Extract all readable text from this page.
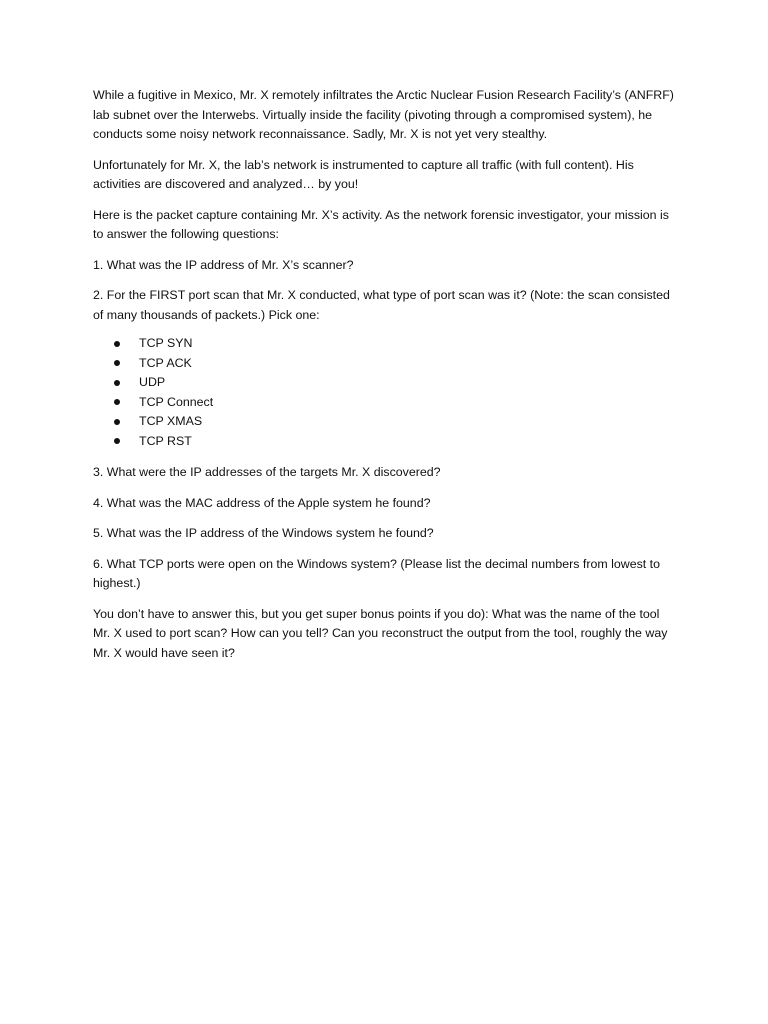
While a fugitive in Mexico, Mr. X remotely infiltrates the Arctic Nuclear Fusion Research Facility’s (ANFRF) lab subnet over the Interwebs. Virtually inside the facility (pivoting through a compromised system), he conducts some noisy network reconnaissance. Sadly, Mr. X is not yet very stealthy.

Unfortunately for Mr. X, the lab’s network is instrumented to capture all traffic (with full content). His activities are discovered and analyzed… by you!

Here is the packet capture containing Mr. X’s activity. As the network forensic investigator, your mission is to answer the following questions:

1. What was the IP address of Mr. X’s scanner?

2. For the FIRST port scan that Mr. X conducted, what type of port scan was it? (Note: the scan consisted of many thousands of packets.) Pick one:

TCP SYN
TCP ACK
UDP
TCP Connect
TCP XMAS
TCP RST

3. What were the IP addresses of the targets Mr. X discovered?

4. What was the MAC address of the Apple system he found?

5. What was the IP address of the Windows system he found?

6. What TCP ports were open on the Windows system? (Please list the decimal numbers from lowest to highest.)

You don’t have to answer this, but you get super bonus points if you do): What was the name of the tool Mr. X used to port scan? How can you tell? Can you reconstruct the output from the tool, roughly the way Mr. X would have seen it?
